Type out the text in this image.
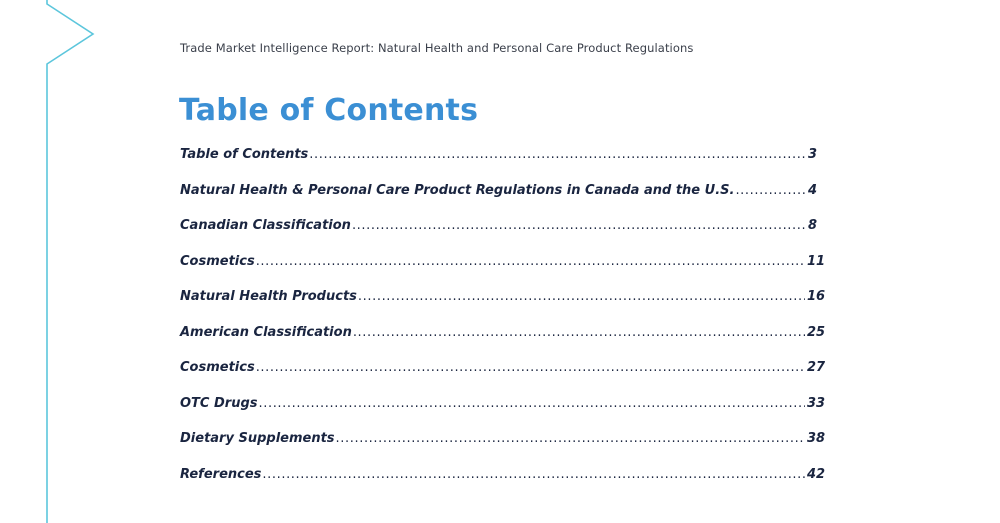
Trade Market Intelligence Report: Natural Health and Personal Care Product Regulations
Table of Contents
Table of Contents .....	3
Natural Health & Personal Care Product Regulations in Canada and the U.S. .....	4
Canadian Classification .....	8
Cosmetics .....	11
Natural Health Products .....	16
American Classification .....	25
Cosmetics .....	27
OTC Drugs .....	33
Dietary Supplements .....	38
References .....	42
